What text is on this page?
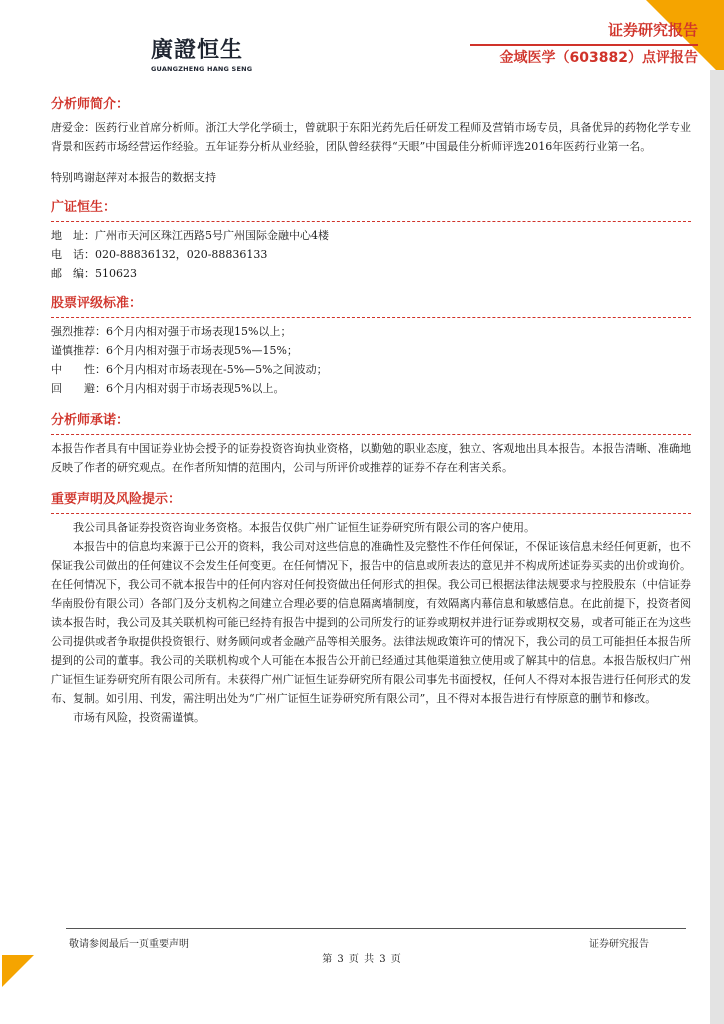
廣證恒生
GUANGZHENG HANG SENG
证券研究报告
金域医学（603882）点评报告
分析师简介：
唐爱金：医药行业首席分析师。浙江大学化学硕士，曾就职于东阳光药先后任研发工程师及营销市场专员，具备优异的药物化学专业背景和医药市场经营运作经验。五年证券分析从业经验，团队曾经获得“天眼”中国最佳分析师评选2016年医药行业第一名。
特别鸣谢赵萍对本报告的数据支持
广证恒生：
地　址：广州市天河区珠江西路5号广州国际金融中心4楼
电　话：020-88836132，020-88836133
邮　编：510623
股票评级标准：
强烈推荐：6个月内相对强于市场表现15%以上；
谨慎推荐：6个月内相对强于市场表现5%—15%；
中　　性：6个月内相对市场表现在-5%—5%之间波动；
回　　避：6个月内相对弱于市场表现5%以上。
分析师承诺：
本报告作者具有中国证券业协会授予的证券投资咨询执业资格，以勤勉的职业态度，独立、客观地出具本报告。本报告清晰、准确地反映了作者的研究观点。在作者所知情的范围内，公司与所评价或推荐的证券不存在利害关系。
重要声明及风险提示：
我公司具备证券投资咨询业务资格。本报告仅供广州广证恒生证券研究所有限公司的客户使用。
本报告中的信息均来源于已公开的资料，我公司对这些信息的准确性及完整性不作任何保证，不保证该信息未经任何更新，也不保证我公司做出的任何建议不会发生任何变更。在任何情况下，报告中的信息或所表达的意见并不构成所述证券买卖的出价或询价。在任何情况下，我公司不就本报告中的任何内容对任何投资做出任何形式的担保。我公司已根据法律法规要求与控股股东（中信证券华南股份有限公司）各部门及分支机构之间建立合理必要的信息隔离墙制度，有效隔离内幕信息和敏感信息。在此前提下，投资者阅读本报告时，我公司及其关联机构可能已经持有报告中提到的公司所发行的证券或期权并进行证券或期权交易，或者可能正在为这些公司提供或者争取提供投资银行、财务顾问或者金融产品等相关服务。法律法规政策许可的情况下，我公司的员工可能担任本报告所提到的公司的董事。我公司的关联机构或个人可能在本报告公开前已经通过其他渠道独立使用或了解其中的信息。本报告版权归广州广证恒生证券研究所有限公司所有。未获得广州广证恒生证券研究所有限公司事先书面授权，任何人不得对本报告进行任何形式的发布、复制。如引用、刊发，需注明出处为“广州广证恒生证券研究所有限公司”，且不得对本报告进行有悖原意的删节和修改。
市场有风险，投资需谨慎。
敬请参阅最后一页重要声明	证券研究报告
第 3 页 共 3 页
